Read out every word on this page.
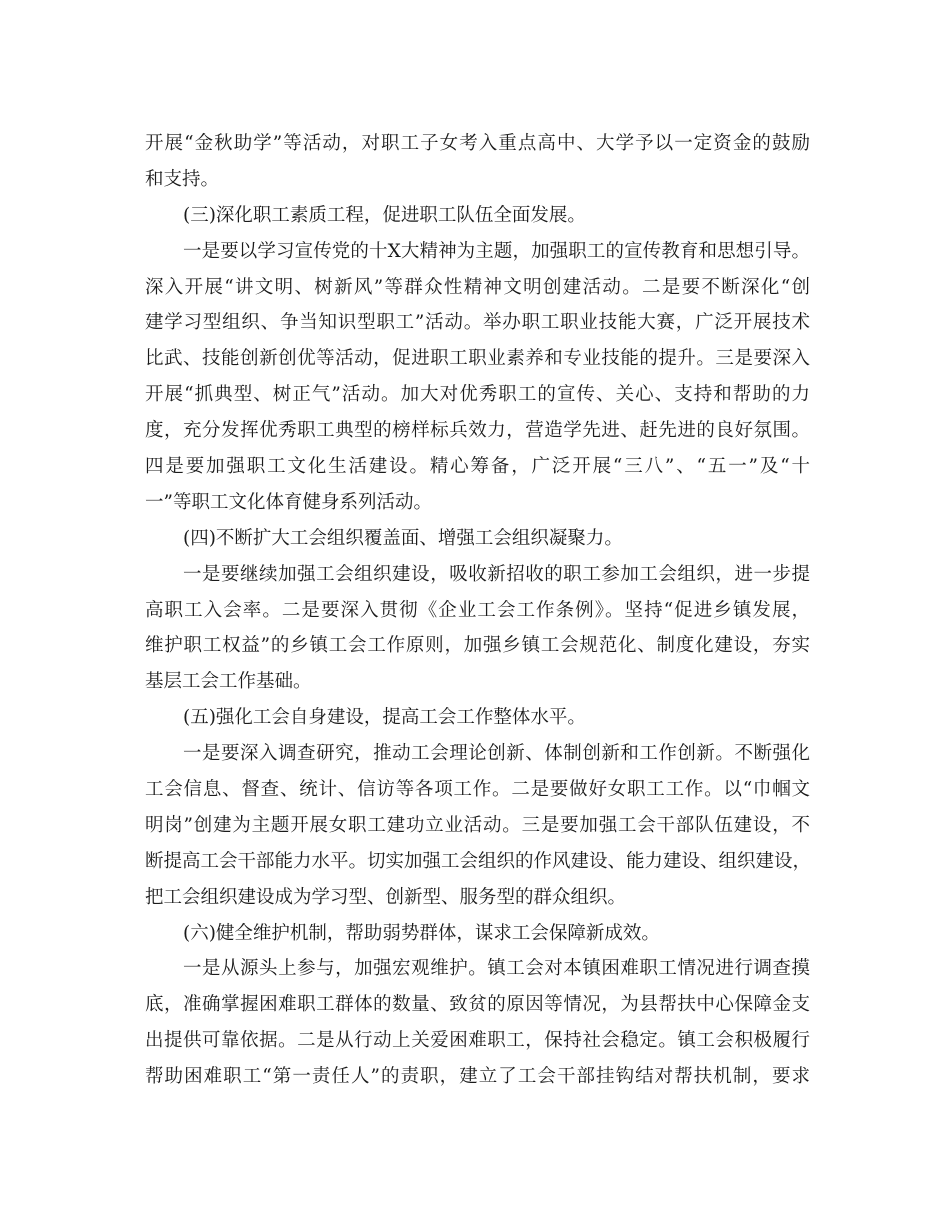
开展“金秋助学”等活动，对职工子女考入重点高中、大学予以一定资金的鼓励
和支持。
(三)深化职工素质工程，促进职工队伍全面发展。
一是要以学习宣传党的十X大精神为主题，加强职工的宣传教育和思想引导。
深入开展“讲文明、树新风”等群众性精神文明创建活动。二是要不断深化“创
建学习型组织、争当知识型职工”活动。举办职工职业技能大赛，广泛开展技术
比武、技能创新创优等活动，促进职工职业素养和专业技能的提升。三是要深入
开展“抓典型、树正气”活动。加大对优秀职工的宣传、关心、支持和帮助的力
度，充分发挥优秀职工典型的榜样标兵效力，营造学先进、赶先进的良好氛围。
四是要加强职工文化生活建设。精心筹备，广泛开展“三八”、“五一”及“十
一”等职工文化体育健身系列活动。
(四)不断扩大工会组织覆盖面、增强工会组织凝聚力。
一是要继续加强工会组织建设，吸收新招收的职工参加工会组织，进一步提
高职工入会率。二是要深入贯彻《企业工会工作条例》。坚持“促进乡镇发展，
维护职工权益”的乡镇工会工作原则，加强乡镇工会规范化、制度化建设，夯实
基层工会工作基础。
(五)强化工会自身建设，提高工会工作整体水平。
一是要深入调查研究，推动工会理论创新、体制创新和工作创新。不断强化
工会信息、督查、统计、信访等各项工作。二是要做好女职工工作。以“巾帼文
明岗”创建为主题开展女职工建功立业活动。三是要加强工会干部队伍建设，不
断提高工会干部能力水平。切实加强工会组织的作风建设、能力建设、组织建设，
把工会组织建设成为学习型、创新型、服务型的群众组织。
(六)健全维护机制，帮助弱势群体，谋求工会保障新成效。
一是从源头上参与，加强宏观维护。镇工会对本镇困难职工情况进行调查摸
底，准确掌握困难职工群体的数量、致贫的原因等情况，为县帮扶中心保障金支
出提供可靠依据。二是从行动上关爱困难职工，保持社会稳定。镇工会积极履行
帮助困难职工“第一责任人”的责职，建立了工会干部挂钩结对帮扶机制，要求
